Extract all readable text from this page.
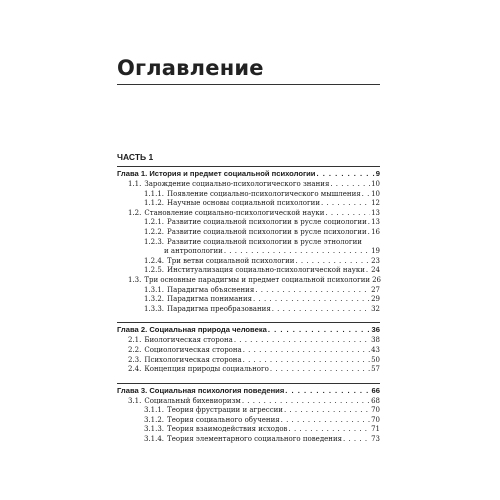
Оглавление
ЧАСТЬ 1
Глава 1. История и предмет социальной психологии . . .	9
1.1. Зарождение социально-психологического знания . . .	10
1.1.1. Появление социально-психологического мышления . . . 10
1.1.2. Научные основы социальной психологии . . .	12
1.2. Становление социально-психологической науки . . .	13
1.2.1. Развитие социальной психологии в русле социологии . . . 13
1.2.2. Развитие социальной психологии в русле психологии . . . 16
1.2.3. Развитие социальной психологии в русле этнологии
и антропологии . . .	19
1.2.4. Три ветви социальной психологии . . .	23
1.2.5. Институализация социально-психологической науки . . . 24
1.3. Три основные парадигмы и предмет социальной психологии 26
1.3.1. Парадигма объяснения . . .	27
1.3.2. Парадигма понимания . . .	29
1.3.3. Парадигма преобразования . . .	32
Глава 2. Социальная природа человека . . .	36
2.1. Биологическая сторона . . .	38
2.2. Социологическая сторона . . .	43
2.3. Психологическая сторона . . .	50
2.4. Концепция природы социального . . .	57
Глава 3. Социальная психология поведения . . .	66
3.1. Социальный бихевиоризм . . .	68
3.1.1. Теория фрустрации и агрессии . . .	70
3.1.2. Теория социального обучения . . .	70
3.1.3. Теория взаимодействия исходов . . .	71
3.1.4. Теория элементарного социального поведения . . .	73
